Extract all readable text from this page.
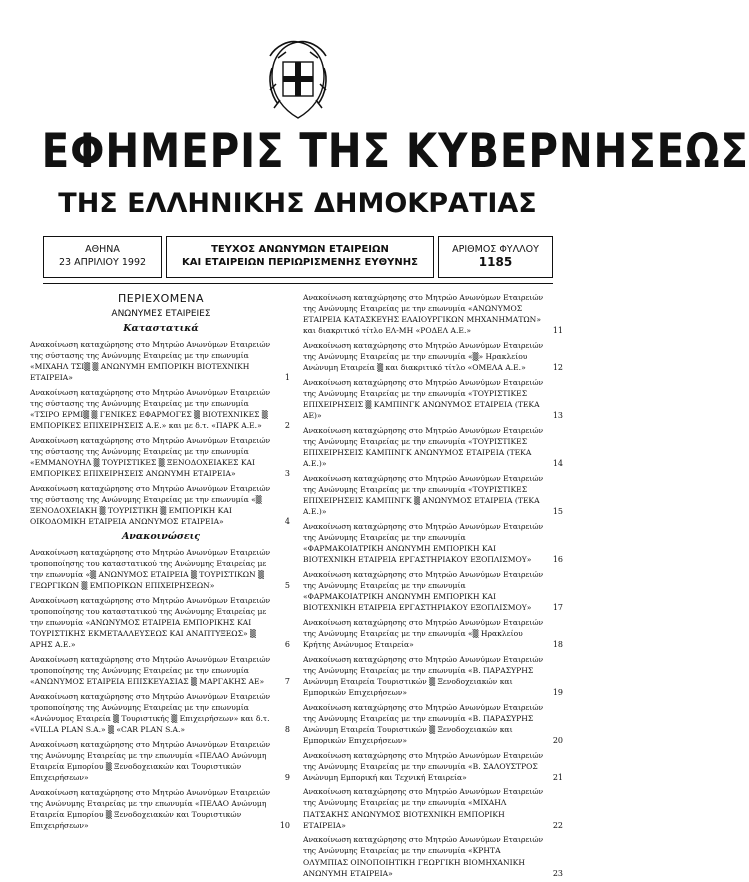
ΕΦΗΜΕΡΙΣ ΤΗΣ ΚΥΒΕΡΝΗΣΕΩΣ
ΤΗΣ ΕΛΛΗΝΙΚΗΣ ΔΗΜΟΚΡΑΤΙΑΣ
ΑΘΗΝΑ
23 ΑΠΡΙΛΙΟΥ 1992
ΤΕΥΧΟΣ ΑΝΩΝΥΜΩΝ ΕΤΑΙΡΕΙΩΝ
ΚΑΙ ΕΤΑΙΡΕΙΩΝ ΠΕΡΙΩΡΙΣΜΕΝΗΣ ΕΥΘΥΝΗΣ
ΑΡΙΘΜΟΣ ΦΥΛΛΟΥ
1185
ΠΕΡΙΕΧΟΜΕΝΑ
ΑΝΩΝΥΜΕΣ ΕΤΑΙΡΕΙΕΣ
Καταστατικά
Ανακοίνωση καταχώρησης στο Μητρώο Ανωνύμων Εταιρειών της σύστασης της Ανώνυμης Εταιρείας με την επωνυμία «ΜΙΧΑΗΛ ΤΣΙ▒ ▒ ΑΝΩΝΥΜΗ ΕΜΠΟΡΙΚΗ ΒΙΟΤΕΧΝΙΚΗ ΕΤΑΙΡΕΙΑ»	1
Ανακοίνωση καταχώρησης στο Μητρώο Ανωνύμων Εταιρειών της σύστασης της Ανώνυμης Εταιρείας με την επωνυμία «ΤΣΙΡΟ ΕΡΜΙ▒ ▒ ΓΕΝΙΚΕΣ ΕΦΑΡΜΟΓΕΣ ▒ ΒΙΟΤΕΧΝΙΚΕΣ ▒ ΕΜΠΟΡΙΚΕΣ ΕΠΙΧΕΙΡΗΣΕΙΣ Α.Ε.» και με δ.τ. «ΠΑΡΚ Α.Ε.»	2
Ανακοίνωση καταχώρησης στο Μητρώο Ανωνύμων Εταιρειών της σύστασης της Ανώνυμης Εταιρείας με την επωνυμία «ΕΜΜΑΝΟΥΗΛ ▒ ΤΟΥΡΙΣΤΙΚΕΣ ▒ ΞΕΝΟΔΟΧΕΙΑΚΕΣ ΚΑΙ ΕΜΠΟΡΙΚΕΣ ΕΠΙΧΕΙΡΗΣΕΙΣ ΑΝΩΝΥΜΗ ΕΤΑΙΡΕΙΑ»	3
Ανακοίνωση καταχώρησης στο Μητρώο Ανωνύμων Εταιρειών της σύστασης της Ανώνυμης Εταιρείας με την επωνυμία «▒ ΞΕΝΟΔΟΧΕΙΑΚΗ ▒ ΤΟΥΡΙΣΤΙΚΗ ▒ ΕΜΠΟΡΙΚΗ ΚΑΙ ΟΙΚΟΔΟΜΙΚΗ ΕΤΑΙΡΕΙΑ ΑΝΩΝΥΜΟΣ ΕΤΑΙΡΕΙΑ»	4
Ανακοινώσεις
Ανακοίνωση καταχώρησης στο Μητρώο Ανωνύμων Εταιρειών τροποποίησης του καταστατικού της Ανώνυμης Εταιρείας με την επωνυμία «▒ ΑΝΩΝΥΜΟΣ ΕΤΑΙΡΕΙΑ ▒ ΤΟΥΡΙΣΤΙΚΩΝ ▒ ΓΕΩΡΓΙΚΩΝ ▒ ΕΜΠΟΡΙΚΩΝ ΕΠΙΧΕΙΡΗΣΕΩΝ»	5
Ανακοίνωση καταχώρησης στο Μητρώο Ανωνύμων Εταιρειών τροποποίησης του καταστατικού της Ανώνυμης Εταιρείας με την επωνυμία «ΑΝΩΝΥΜΟΣ ΕΤΑΙΡΕΙΑ ΕΜΠΟΡΙΚΗΣ ΚΑΙ ΤΟΥΡΙΣΤΙΚΗΣ ΕΚΜΕΤΑΛΛΕΥΣΕΩΣ ΚΑΙ ΑΝΑΠΤΥΞΕΩΣ» ▒ ΑΡΗΣ Α.Ε.»	6
Ανακοίνωση καταχώρησης στο Μητρώο Ανωνύμων Εταιρειών τροποποίησης της Ανώνυμης Εταιρείας με την επωνυμία «ΑΝΩΝΥΜΟΣ ΕΤΑΙΡΕΙΑ ΕΠΙΣΚΕΥΑΣΙΑΣ ▒ ΜΑΡΓΑΚΗΣ ΑΕ»	7
Ανακοίνωση καταχώρησης στο Μητρώο Ανωνύμων Εταιρειών τροποποίησης της Ανώνυμης Εταιρείας με την επωνυμία «Ανώνυμος Εταιρεία ▒ Τουριστικής ▒ Επιχειρήσεων» και δ.τ. «VILLA PLAN S.A.» ▒ «CAR PLAN S.A.»	8
Ανακοίνωση καταχώρησης στο Μητρώο Ανωνύμων Εταιρειών της Ανώνυμης Εταιρείας με την επωνυμία «ΠΕΛΑΟ Ανώνυμη Εταιρεία Εμπορίου ▒ Ξενοδοχειακών και Τουριστικών Επιχειρήσεων»	9
Ανακοίνωση καταχώρησης στο Μητρώο Ανωνύμων Εταιρειών της Ανώνυμης Εταιρείας με την επωνυμία «ΠΕΛΑΟ Ανώνυμη Εταιρεία Εμπορίου ▒ Ξενοδοχειακών και Τουριστικών Επιχειρήσεων»	10
Ανακοίνωση καταχώρησης στο Μητρώο Ανωνύμων Εταιρειών της Ανώνυμης Εταιρείας με την επωνυμία «ΑΝΩΝΥΜΟΣ ΕΤΑΙΡΕΙΑ ΚΑΤΑΣΚΕΥΗΣ ΕΛΑΙΟΥΡΓΙΚΩΝ ΜΗΧΑΝΗΜΑΤΩΝ» και διακριτικό τίτλο ΕΛ-ΜΗ «ΡΟΔΕΛ Α.Ε.»	11
Ανακοίνωση καταχώρησης στο Μητρώο Ανωνύμων Εταιρειών της Ανώνυμης Εταιρείας με την επωνυμία «▒» Ηρακλείου Ανώνυμη Εταιρεία ▒ και διακριτικό τίτλο «ΟΜΕΛΑ Α.Ε.»	12
Ανακοίνωση καταχώρησης στο Μητρώο Ανωνύμων Εταιρειών της Ανώνυμης Εταιρείας με την επωνυμία «ΤΟΥΡΙΣΤΙΚΕΣ ΕΠΙΧΕΙΡΗΣΕΙΣ ▒ ΚΑΜΠΙΝΓΚ ΑΝΩΝΥΜΟΣ ΕΤΑΙΡΕΙΑ (ΤΕΚΑ ΑΕ)»	13
Ανακοίνωση καταχώρησης στο Μητρώο Ανωνύμων Εταιρειών της Ανώνυμης Εταιρείας με την επωνυμία «ΤΟΥΡΙΣΤΙΚΕΣ ΕΠΙΧΕΙΡΗΣΕΙΣ ΚΑΜΠΙΝΓΚ ΑΝΩΝΥΜΟΣ ΕΤΑΙΡΕΙΑ (ΤΕΚΑ Α.Ε.)»	14
Ανακοίνωση καταχώρησης στο Μητρώο Ανωνύμων Εταιρειών της Ανώνυμης Εταιρείας με την επωνυμία «ΤΟΥΡΙΣΤΙΚΕΣ ΕΠΙΧΕΙΡΗΣΕΙΣ ΚΑΜΠΙΝΓΚ ▒ ΑΝΩΝΥΜΟΣ ΕΤΑΙΡΕΙΑ (ΤΕΚΑ Α.Ε.)»	15
Ανακοίνωση καταχώρησης στο Μητρώο Ανωνύμων Εταιρειών της Ανώνυμης Εταιρείας με την επωνυμία «ΦΑΡΜΑΚΟΙΑΤΡΙΚΗ ΑΝΩΝΥΜΗ ΕΜΠΟΡΙΚΗ ΚΑΙ ΒΙΟΤΕΧΝΙΚΗ ΕΤΑΙΡΕΙΑ ΕΡΓΑΣΤΗΡΙΑΚΟΥ ΕΞΟΠΛΙΣΜΟΥ»	16
Ανακοίνωση καταχώρησης στο Μητρώο Ανωνύμων Εταιρειών της Ανώνυμης Εταιρείας με την επωνυμία «ΦΑΡΜΑΚΟΙΑΤΡΙΚΗ ΑΝΩΝΥΜΗ ΕΜΠΟΡΙΚΗ ΚΑΙ ΒΙΟΤΕΧΝΙΚΗ ΕΤΑΙΡΕΙΑ ΕΡΓΑΣΤΗΡΙΑΚΟΥ ΕΞΟΠΛΙΣΜΟΥ»	17
Ανακοίνωση καταχώρησης στο Μητρώο Ανωνύμων Εταιρειών της Ανώνυμης Εταιρείας με την επωνυμία «▒ Ηρακλείου Κρήτης Ανώνυμος Εταιρεία»	18
Ανακοίνωση καταχώρησης στο Μητρώο Ανωνύμων Εταιρειών της Ανώνυμης Εταιρείας με την επωνυμία «Β. ΠΑΡΑΣΥΡΗΣ Ανώνυμη Εταιρεία Τουριστικών ▒ Ξενοδοχειακών και Εμπορικών Επιχειρήσεων»	19
Ανακοίνωση καταχώρησης στο Μητρώο Ανωνύμων Εταιρειών της Ανώνυμης Εταιρείας με την επωνυμία «Β. ΠΑΡΑΣΥΡΗΣ Ανώνυμη Εταιρεία Τουριστικών ▒ Ξενοδοχειακών και Εμπορικών Επιχειρήσεων»	20
Ανακοίνωση καταχώρησης στο Μητρώο Ανωνύμων Εταιρειών της Ανώνυμης Εταιρείας με την επωνυμία «Β. ΣΑΛΟΥΣΤΡΟΣ Ανώνυμη Εμπορική και Τεχνική Εταιρεία»	21
Ανακοίνωση καταχώρησης στο Μητρώο Ανωνύμων Εταιρειών της Ανώνυμης Εταιρείας με την επωνυμία «ΜΙΧΑΗΛ ΠΑΤΣΑΚΗΣ ΑΝΩΝΥΜΟΣ ΒΙΟΤΕΧΝΙΚΗ ΕΜΠΟΡΙΚΗ ΕΤΑΙΡΕΙΑ»	22
Ανακοίνωση καταχώρησης στο Μητρώο Ανωνύμων Εταιρειών της Ανώνυμης Εταιρείας με την επωνυμία «ΚΡΗΤΑ ΟΛΥΜΠΙΑΣ ΟΙΝΟΠΟΙΗΤΙΚΗ ΓΕΩΡΓΙΚΗ ΒΙΟΜΗΧΑΝΙΚΗ ΑΝΩΝΥΜΗ ΕΤΑΙΡΕΙΑ»	23
